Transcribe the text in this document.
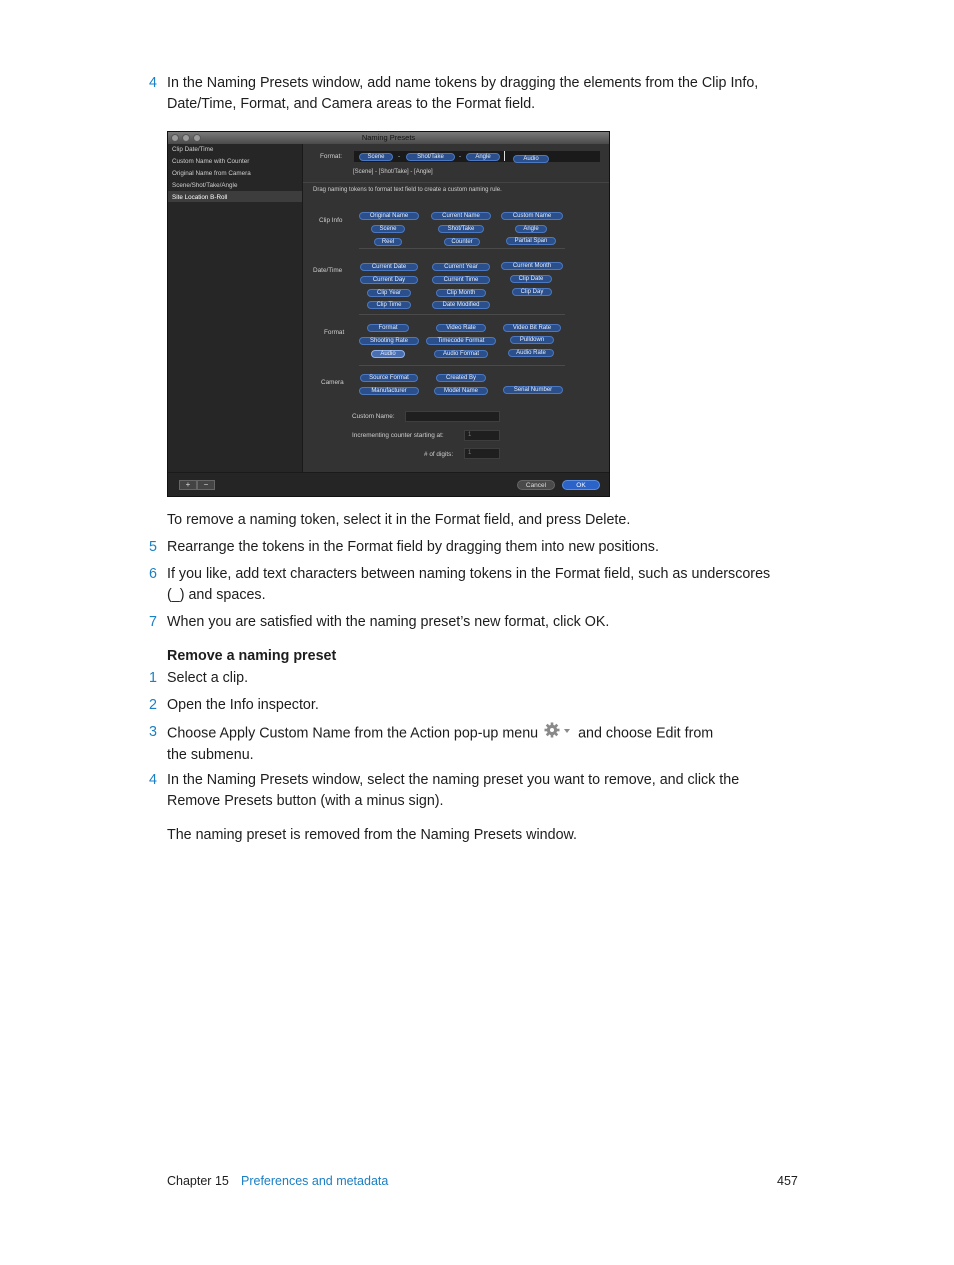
4 In the Naming Presets window, add name tokens by dragging the elements from the Clip Info,
Date/Time, Format, and Camera areas to the Format field.
Naming Presets
Clip Date/Time
Custom Name with Counter
Original Name from Camera
Scene/Shot/Take/Angle
Site Location B-Roll
Format:	Scene	-	Shot/Take	-	Angle	Audio
[Scene] - [Shot/Take] - [Angle]
Drag naming tokens to format text field to create a custom naming rule.
Clip Info
Original Name	Current Name	Custom Name
Scene	Shot/Take	Angle
Reel	Counter	Partial Span
Date/Time	Current Date	Current Year	Current Month
Current Day	Current Time	Clip Date
Clip Year	Clip Month	Clip Day
Clip Time	Date Modified
Format
Format	Video Rate	Video Bit Rate
Shooting Rate	Timecode Format	Pulldown
Audio	Audio Format	Audio Rate
Camera
Source Format	Created By
Manufacturer	Model Name	Serial Number
Custom Name:
Incrementing counter starting at:	1
# of digits:	1
+	−	Cancel	OK
To remove a naming token, select it in the Format field, and press Delete.
5 Rearrange the tokens in the Format field by dragging them into new positions.
6 If you like, add text characters between naming tokens in the Format field, such as underscores
(_) and spaces.
7 When you are satisfied with the naming preset’s new format, click OK.
Remove a naming preset
1 Select a clip.
2 Open the Info inspector.
3 Choose Apply Custom Name from the Action pop-up menu	and choose Edit from
the submenu.
4 In the Naming Presets window, select the naming preset you want to remove, and click the
Remove Presets button (with a minus sign).
The naming preset is removed from the Naming Presets window.
Chapter 15 Preferences and metadata	457
